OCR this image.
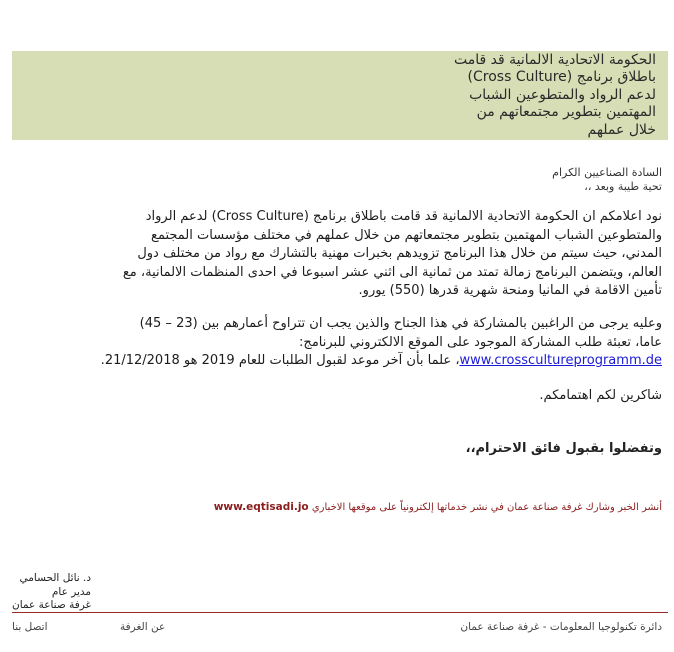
الحكومة الاتحادية الالمانية قد قامت
باطلاق برنامج (Cross Culture)
لدعم الرواد والمتطوعين الشباب
المهتمين بتطوير مجتمعاتهم من
خلال عملهم
السادة الصناعيين الكرام
تحية طيبة وبعد ،،
نود اعلامكم ان الحكومة الاتحادية الالمانية قد قامت باطلاق برنامج (Cross Culture) لدعم الرواد
والمتطوعين الشباب المهتمين بتطوير مجتمعاتهم من خلال عملهم في مختلف مؤسسات المجتمع
المدني، حيث سيتم من خلال هذا البرنامج تزويدهم بخبرات مهنية بالتشارك مع رواد من مختلف دول
العالم، ويتضمن البرنامج زمالة تمتد من ثمانية الى اثني عشر اسبوعا في احدى المنظمات الالمانية، مع
تأمين الاقامة في المانيا ومنحة شهرية قدرها (550) يورو.
وعليه يرجى من الراغبين بالمشاركة في هذا الجناح والذين يجب ان تتراوح أعمارهم بين (23 – 45)
عاما، تعبئة طلب المشاركة الموجود على الموقع الالكتروني للبرنامج:
www.crosscultureprogramm.de، علما بأن آخر موعد لقبول الطلبات للعام 2019 هو 21/12/2018.
شاكرين لكم اهتمامكم.
وتفضلوا بقبول فائق الاحترام،،
أنشر الخبر وشارك غرفة صناعة عمان في نشر خدماتها إلكترونياً على موقعها الاخباري www.eqtisadi.jo
د. نائل الحسامي
مدير عام
غرفة صناعة عمان
دائرة تكنولوجيا المعلومات - غرفة صناعة عمان
عن الغرفة
اتصل بنا
